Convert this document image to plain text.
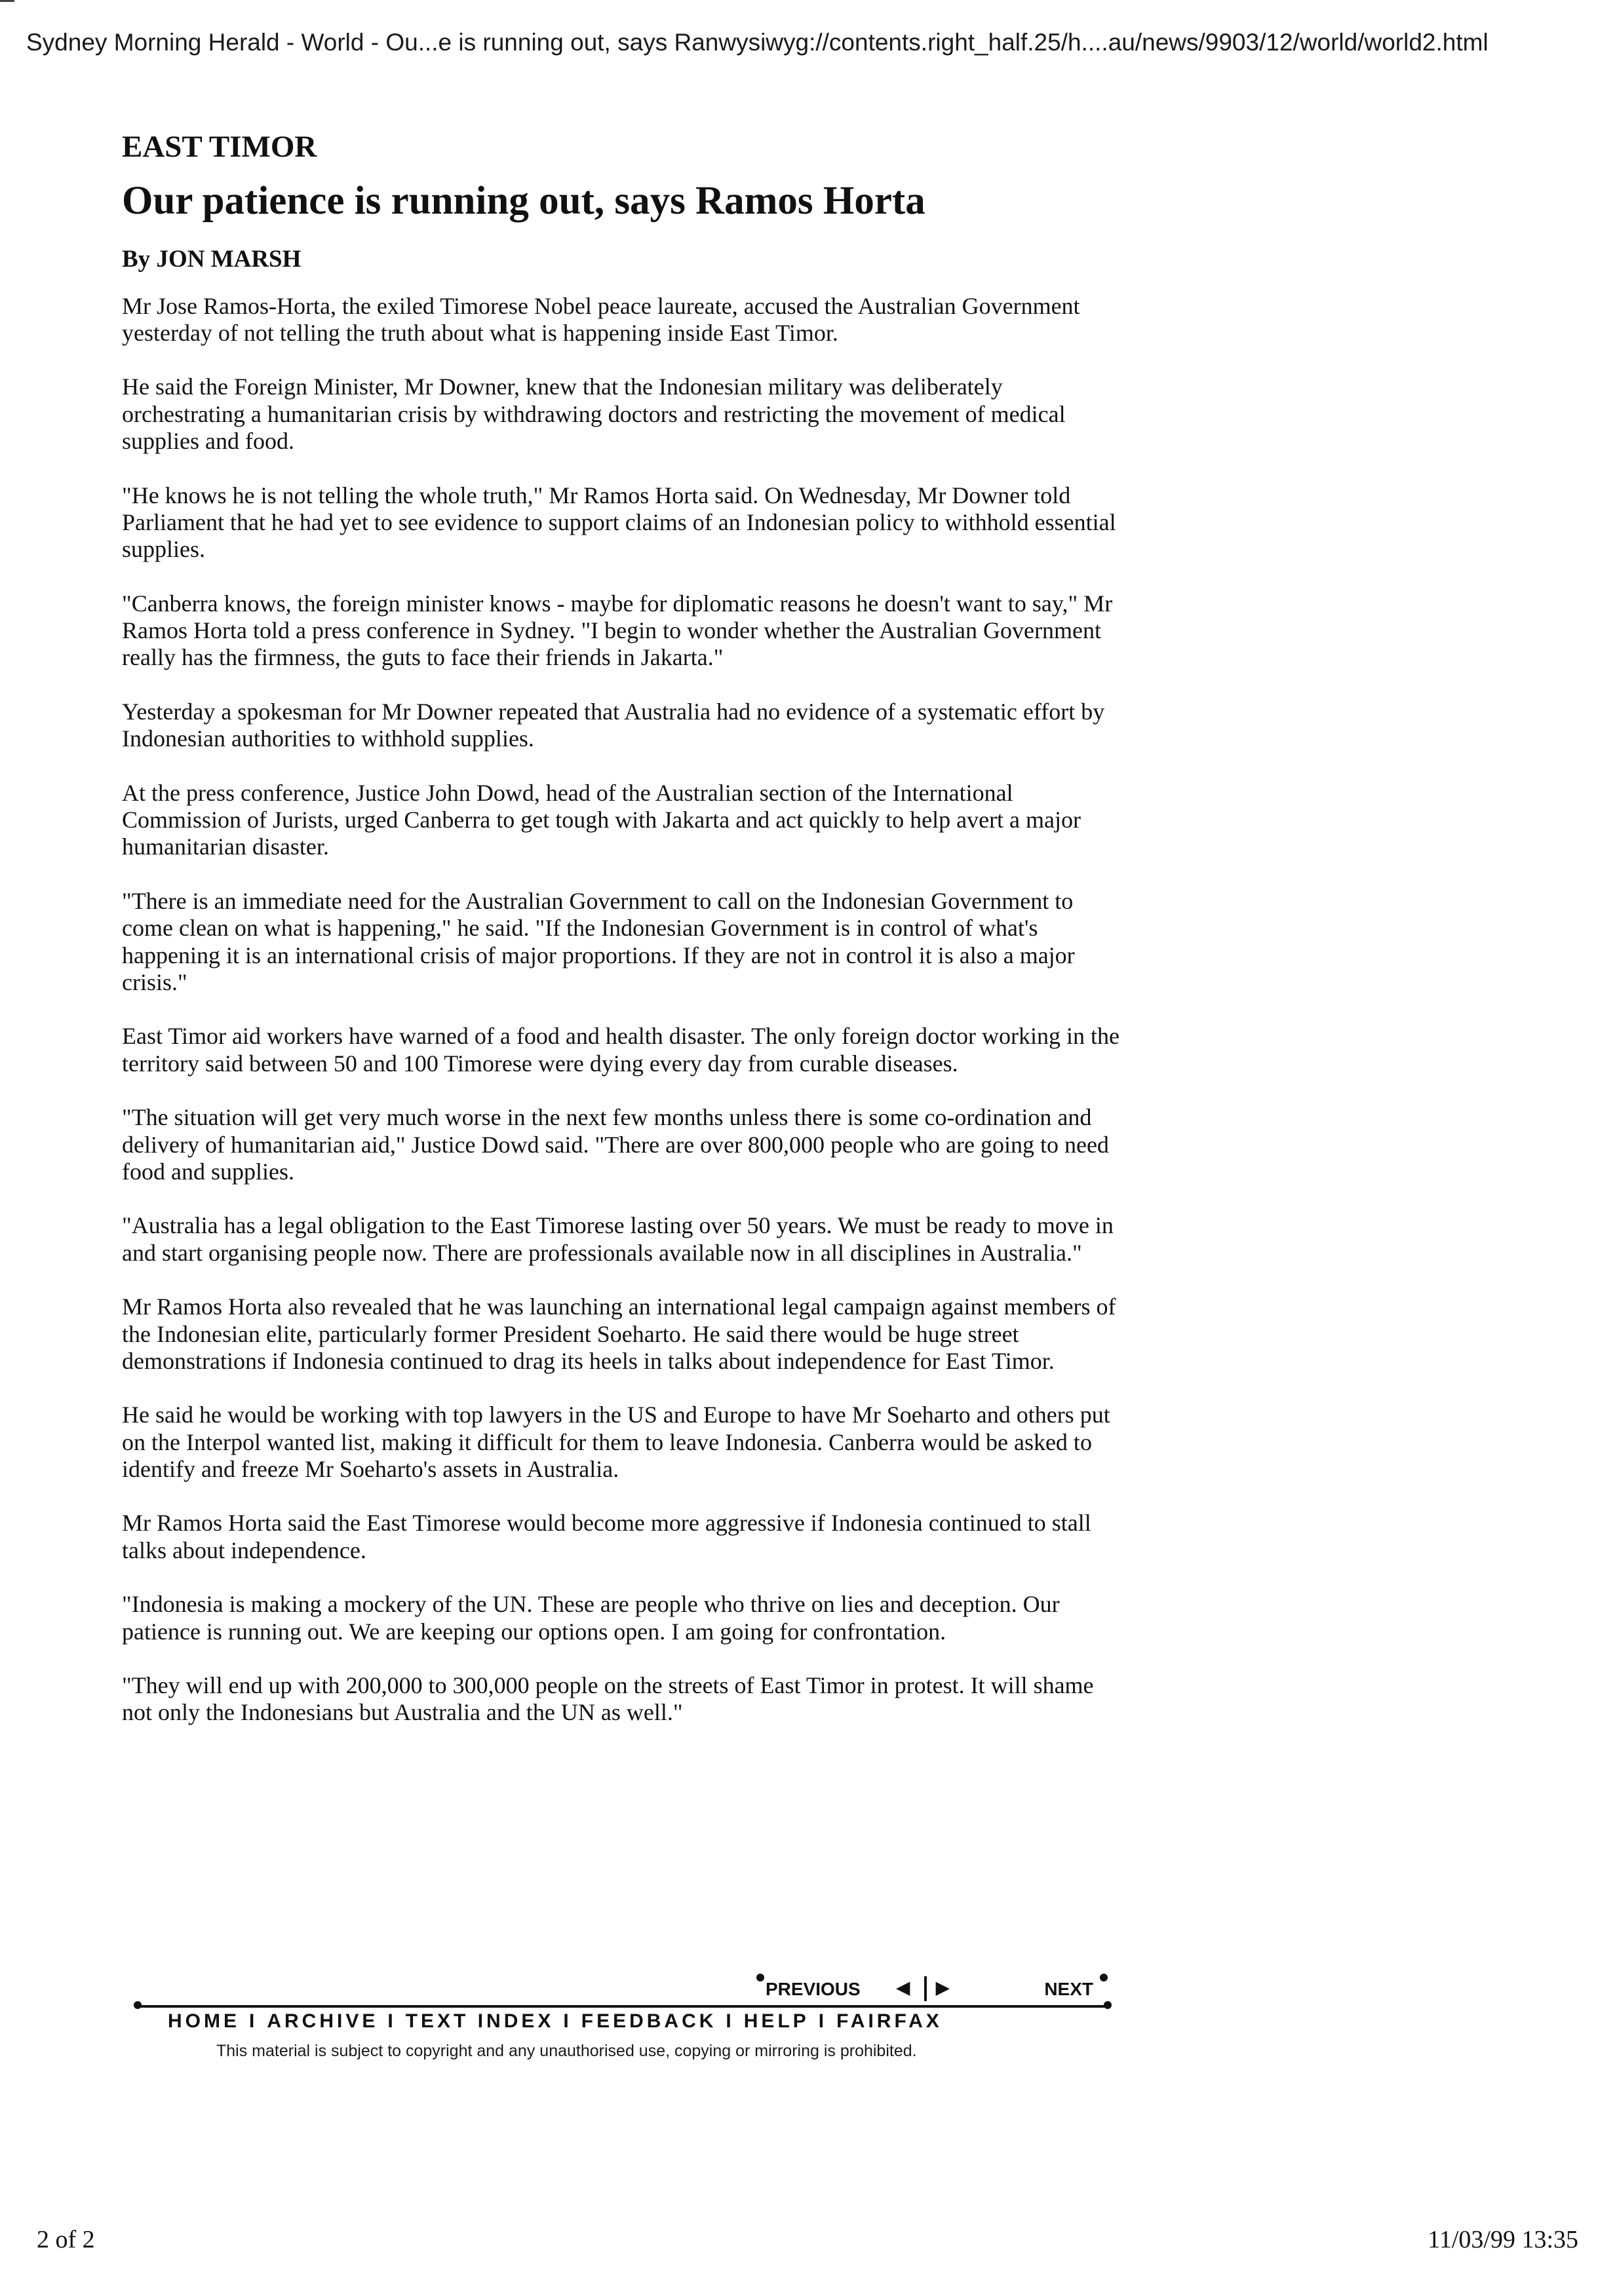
Sydney Morning Herald - World - Ou...e is running out, says Ranwysiwyg://contents.right_half.25/h....au/news/9903/12/world/world2.html
EAST TIMOR
Our patience is running out, says Ramos Horta
By JON MARSH

Mr Jose Ramos-Horta, the exiled Timorese Nobel peace laureate, accused the Australian Government yesterday of not telling the truth about what is happening inside East Timor.

He said the Foreign Minister, Mr Downer, knew that the Indonesian military was deliberately orchestrating a humanitarian crisis by withdrawing doctors and restricting the movement of medical supplies and food.

"He knows he is not telling the whole truth," Mr Ramos Horta said. On Wednesday, Mr Downer told Parliament that he had yet to see evidence to support claims of an Indonesian policy to withhold essential supplies.

"Canberra knows, the foreign minister knows - maybe for diplomatic reasons he doesn't want to say," Mr Ramos Horta told a press conference in Sydney. "I begin to wonder whether the Australian Government really has the firmness, the guts to face their friends in Jakarta."

Yesterday a spokesman for Mr Downer repeated that Australia had no evidence of a systematic effort by Indonesian authorities to withhold supplies.

At the press conference, Justice John Dowd, head of the Australian section of the International Commission of Jurists, urged Canberra to get tough with Jakarta and act quickly to help avert a major humanitarian disaster.

"There is an immediate need for the Australian Government to call on the Indonesian Government to come clean on what is happening," he said. "If the Indonesian Government is in control of what's happening it is an international crisis of major proportions. If they are not in control it is also a major crisis."

East Timor aid workers have warned of a food and health disaster. The only foreign doctor working in the territory said between 50 and 100 Timorese were dying every day from curable diseases.

"The situation will get very much worse in the next few months unless there is some co-ordination and delivery of humanitarian aid," Justice Dowd said. "There are over 800,000 people who are going to need food and supplies.

"Australia has a legal obligation to the East Timorese lasting over 50 years. We must be ready to move in and start organising people now. There are professionals available now in all disciplines in Australia."

Mr Ramos Horta also revealed that he was launching an international legal campaign against members of the Indonesian elite, particularly former President Soeharto. He said there would be huge street demonstrations if Indonesia continued to drag its heels in talks about independence for East Timor.

He said he would be working with top lawyers in the US and Europe to have Mr Soeharto and others put on the Interpol wanted list, making it difficult for them to leave Indonesia. Canberra would be asked to identify and freeze Mr Soeharto's assets in Australia.

Mr Ramos Horta said the East Timorese would become more aggressive if Indonesia continued to stall talks about independence.

"Indonesia is making a mockery of the UN. These are people who thrive on lies and deception. Our patience is running out. We are keeping our options open. I am going for confrontation.

"They will end up with 200,000 to 300,000 people on the streets of East Timor in protest. It will shame not only the Indonesians but Australia and the UN as well."

PREVIOUS ◀ ▶	NEXT
HOME I ARCHIVE I TEXT INDEX I FEEDBACK I HELP I FAIRFAX
This material is subject to copyright and any unauthorised use, copying or mirroring is prohibited.
2 of 2	11/03/99 13:35
